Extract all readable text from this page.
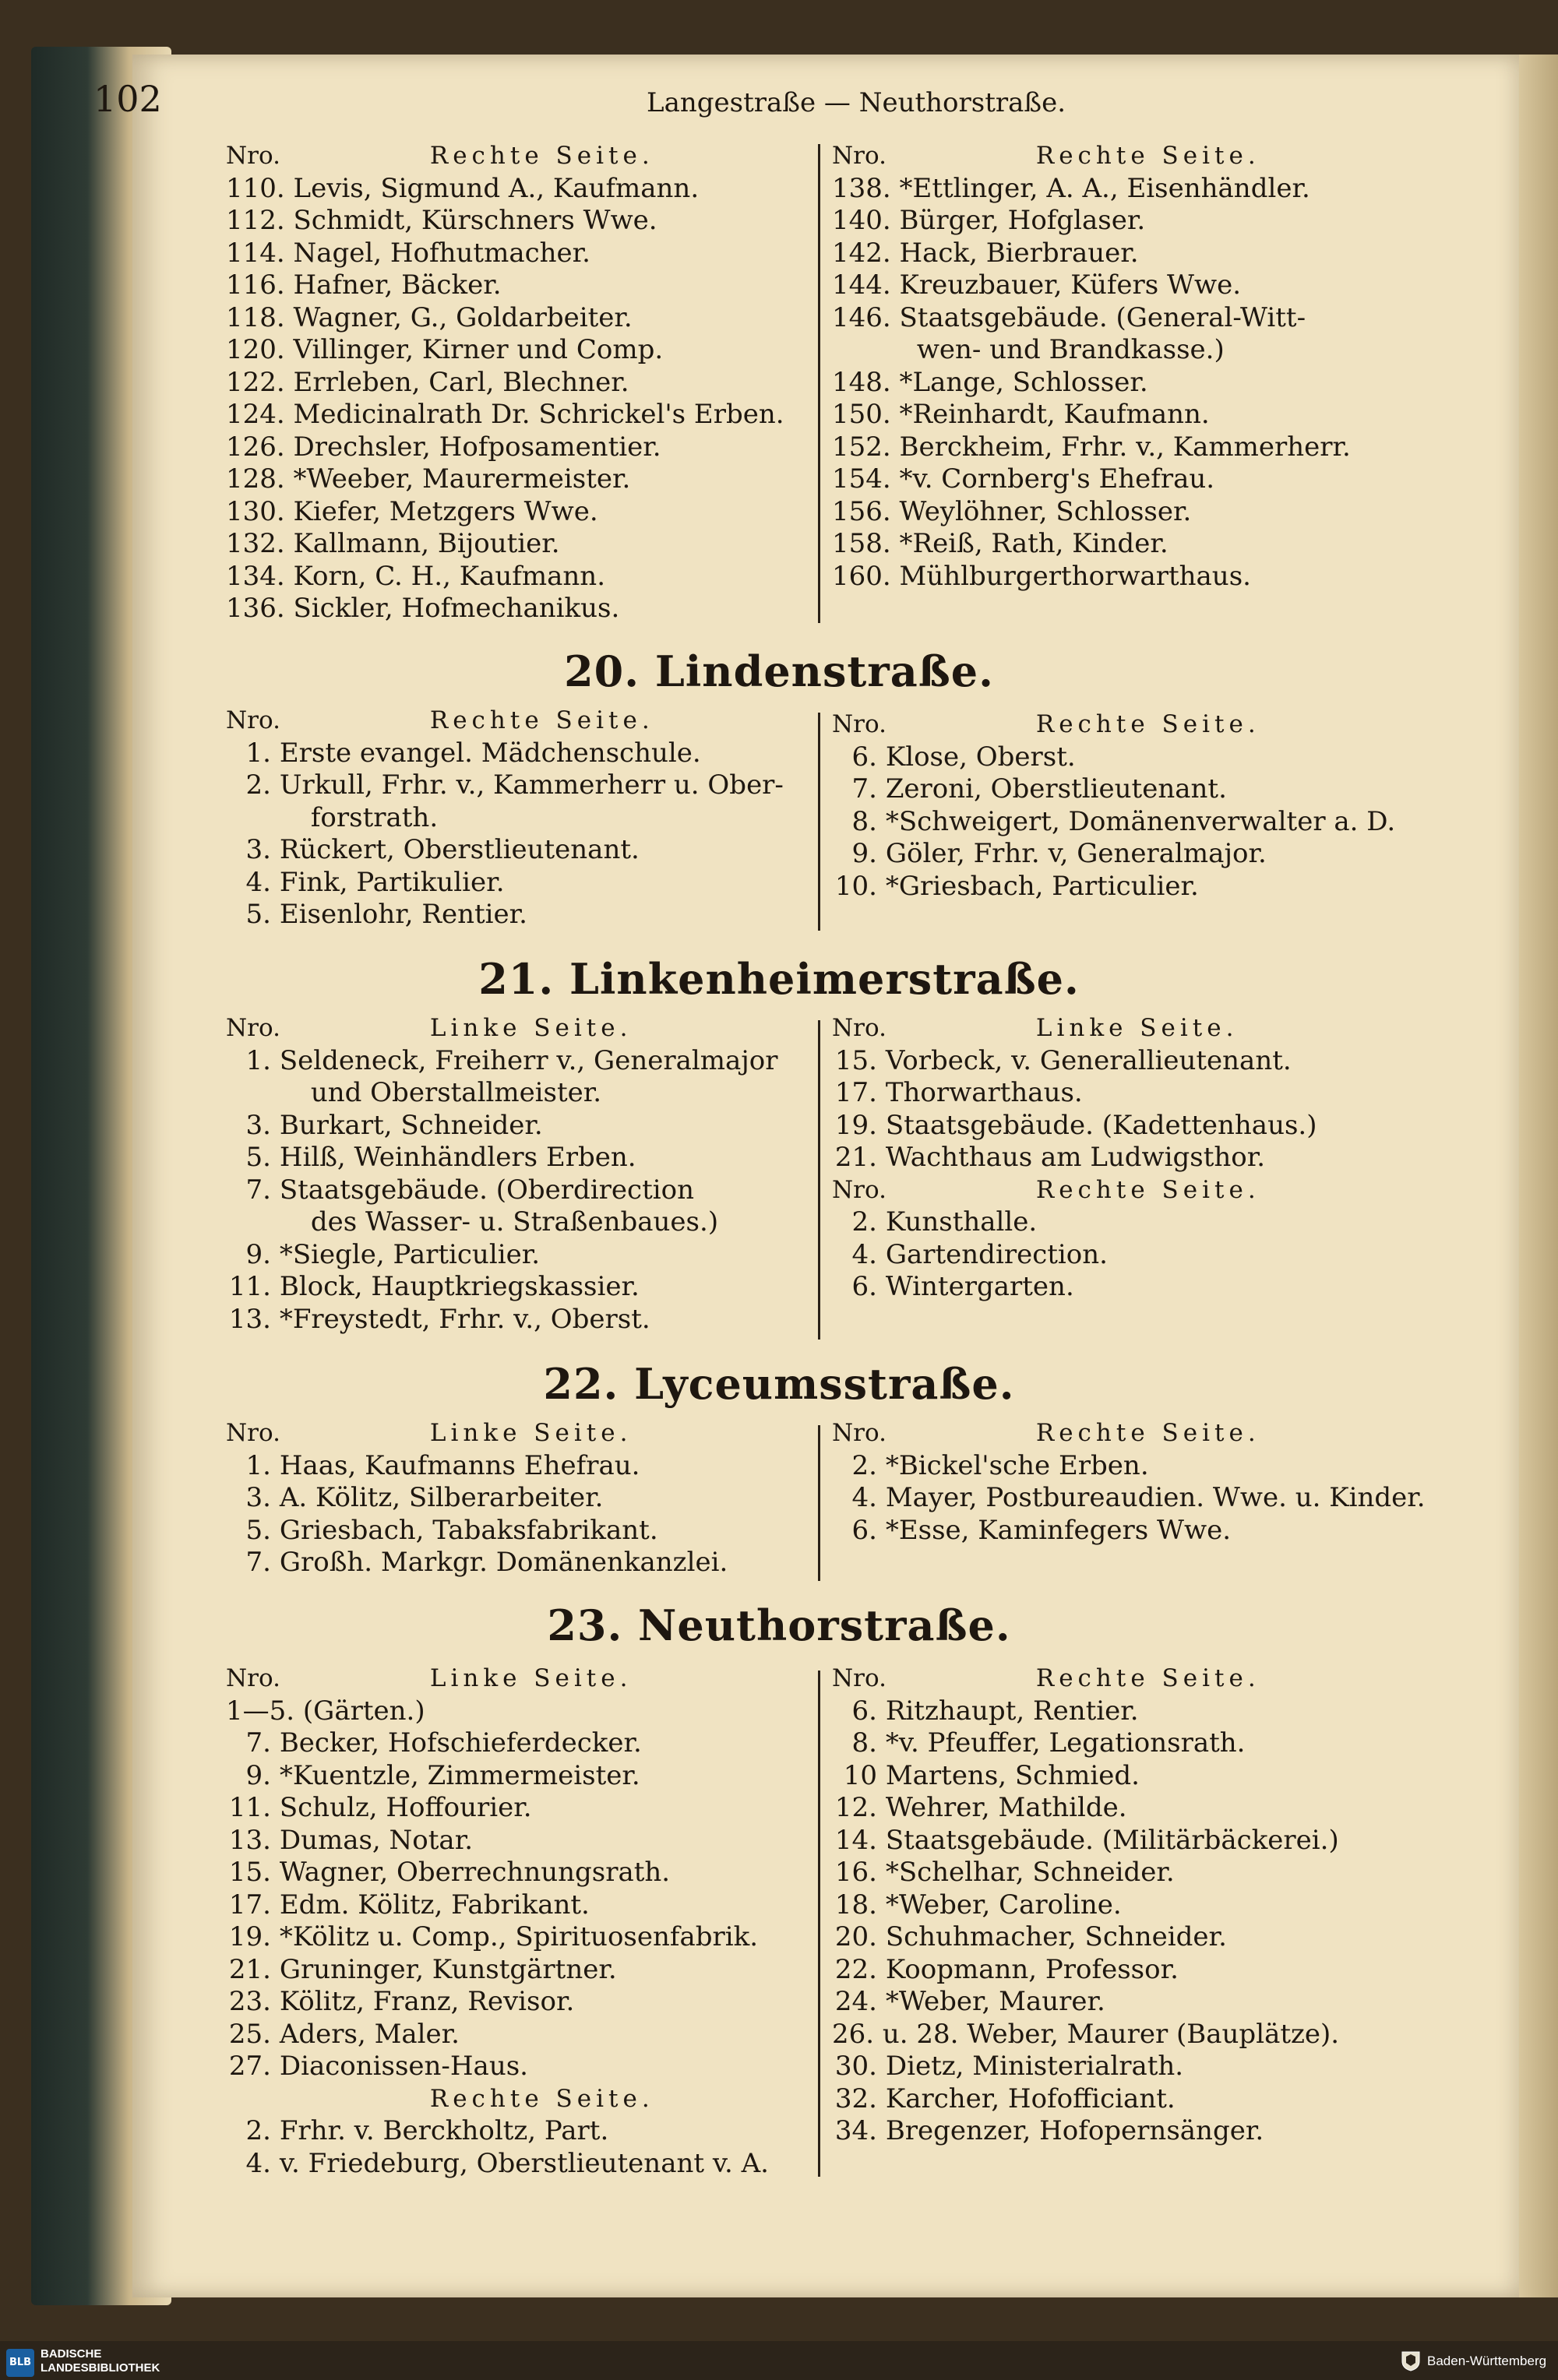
102	Langestraße — Neuthorstraße.
Nro.	Rechte Seite.
110. Levis, Sigmund A., Kaufmann.
112. Schmidt, Kürschners Wwe.
114. Nagel, Hofhutmacher.
116. Hafner, Bäcker.
118. Wagner, G., Goldarbeiter.
120. Villinger, Kirner und Comp.
122. Errleben, Carl, Blechner.
124. Medicinalrath Dr. Schrickel's Erben.
126. Drechsler, Hofposamentier.
128. *Weeber, Maurermeister.
130. Kiefer, Metzgers Wwe.
132. Kallmann, Bijoutier.
134. Korn, C. H., Kaufmann.
136. Sickler, Hofmechanikus.
Nro.	Rechte Seite.
138. *Ettlinger, A. A., Eisenhändler.
140. Bürger, Hofglaser.
142. Hack, Bierbrauer.
144. Kreuzbauer, Küfers Wwe.
146. Staatsgebäude. (General-Witt-
wen- und Brandkasse.)
148. *Lange, Schlosser.
150. *Reinhardt, Kaufmann.
152. Berckheim, Frhr. v., Kammerherr.
154. *v. Cornberg's Ehefrau.
156. Weylöhner, Schlosser.
158. *Reiß, Rath, Kinder.
160. Mühlburgerthorwarthaus.
20. Lindenstraße.
Nro.	Rechte Seite.
1. Erste evangel. Mädchenschule.
2. Urkull, Frhr. v., Kammerherr u. Ober-
forstrath.
3. Rückert, Oberstlieutenant.
4. Fink, Partikulier.
5. Eisenlohr, Rentier.
Nro.	Rechte Seite.
6. Klose, Oberst.
7. Zeroni, Oberstlieutenant.
8. *Schweigert, Domänenverwalter a. D.
9. Göler, Frhr. v, Generalmajor.
10. *Griesbach, Particulier.
21. Linkenheimerstraße.
Nro.	Linke Seite.
1. Seldeneck, Freiherr v., Generalmajor
und Oberstallmeister.
3. Burkart, Schneider.
5. Hilß, Weinhändlers Erben.
7. Staatsgebäude. (Oberdirection
des Wasser- u. Straßenbaues.)
9. *Siegle, Particulier.
11. Block, Hauptkriegskassier.
13. *Freystedt, Frhr. v., Oberst.
Nro.	Linke Seite.
15. Vorbeck, v. Generallieutenant.
17. Thorwarthaus.
19. Staatsgebäude. (Kadettenhaus.)
21. Wachthaus am Ludwigsthor.
Nro.	Rechte Seite.
2. Kunsthalle.
4. Gartendirection.
6. Wintergarten.
22. Lyceumsstraße.
Nro.	Linke Seite.
1. Haas, Kaufmanns Ehefrau.
3. A. Kölitz, Silberarbeiter.
5. Griesbach, Tabaksfabrikant.
7. Großh. Markgr. Domänenkanzlei.
Nro.	Rechte Seite.
2. *Bickel'sche Erben.
4. Mayer, Postbureaudien. Wwe. u. Kinder.
6. *Esse, Kaminfegers Wwe.
23. Neuthorstraße.
Nro.	Linke Seite.
1—5. (Gärten.)
7. Becker, Hofschieferdecker.
9. *Kuentzle, Zimmermeister.
11. Schulz, Hoffourier.
13. Dumas, Notar.
15. Wagner, Oberrechnungsrath.
17. Edm. Kölitz, Fabrikant.
19. *Kölitz u. Comp., Spirituosenfabrik.
21. Gruninger, Kunstgärtner.
23. Kölitz, Franz, Revisor.
25. Aders, Maler.
27. Diaconissen-Haus.
Rechte Seite.
2. Frhr. v. Berckholtz, Part.
4. v. Friedeburg, Oberstlieutenant v. A.
Nro.	Rechte Seite.
6. Ritzhaupt, Rentier.
8. *v. Pfeuffer, Legationsrath.
10 Martens, Schmied.
12. Wehrer, Mathilde.
14. Staatsgebäude. (Militärbäckerei.)
16. *Schelhar, Schneider.
18. *Weber, Caroline.
20. Schuhmacher, Schneider.
22. Koopmann, Professor.
24. *Weber, Maurer.
26. u. 28. Weber, Maurer (Bauplätze).
30. Dietz, Ministerialrath.
32. Karcher, Hofofficiant.
34. Bregenzer, Hofopernsänger.
BLB
BADISCHE
LANDESBIBLIOTHEK	Baden-Württemberg
